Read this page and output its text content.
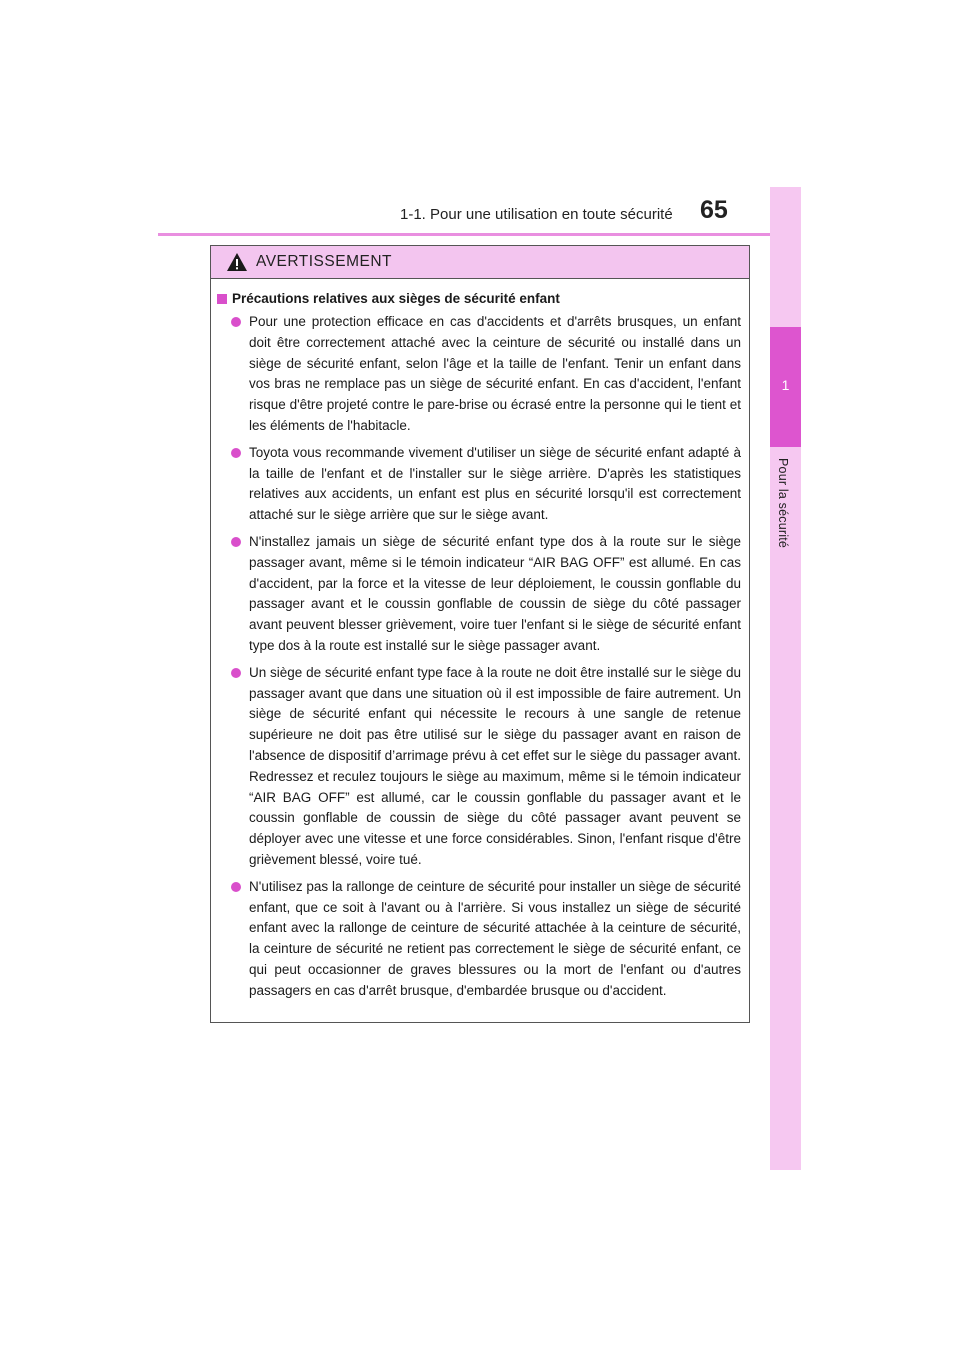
1-1. Pour une utilisation en toute sécurité 65
1
Pour la sécurité
AVERTISSEMENT
Précautions relatives aux sièges de sécurité enfant
Pour une protection efficace en cas d'accidents et d'arrêts brusques, un enfant doit être correctement attaché avec la ceinture de sécurité ou installé dans un siège de sécurité enfant, selon l'âge et la taille de l'enfant. Tenir un enfant dans vos bras ne remplace pas un siège de sécurité enfant. En cas d'accident, l'enfant risque d'être projeté contre le pare-brise ou écrasé entre la personne qui le tient et les éléments de l'habitacle.
Toyota vous recommande vivement d'utiliser un siège de sécurité enfant adapté à la taille de l'enfant et de l'installer sur le siège arrière. D'après les statistiques relatives aux accidents, un enfant est plus en sécurité lorsqu'il est correctement attaché sur le siège arrière que sur le siège avant.
N'installez jamais un siège de sécurité enfant type dos à la route sur le siège passager avant, même si le témoin indicateur “AIR BAG OFF” est allumé. En cas d'accident, par la force et la vitesse de leur déploiement, le coussin gonflable du passager avant et le coussin gonflable de coussin de siège du côté passager avant peuvent blesser grièvement, voire tuer l'enfant si le siège de sécurité enfant type dos à la route est installé sur le siège passager avant.
Un siège de sécurité enfant type face à la route ne doit être installé sur le siège du passager avant que dans une situation où il est impossible de faire autrement. Un siège de sécurité enfant qui nécessite le recours à une sangle de retenue supérieure ne doit pas être utilisé sur le siège du passager avant en raison de l'absence de dispositif d’arrimage prévu à cet effet sur le siège du passager avant. Redressez et reculez toujours le siège au maximum, même si le témoin indicateur “AIR BAG OFF” est allumé, car le coussin gonflable du passager avant et le coussin gonflable de coussin de siège du côté passager avant peuvent se déployer avec une vitesse et une force considérables. Sinon, l'enfant risque d'être grièvement blessé, voire tué.
N'utilisez pas la rallonge de ceinture de sécurité pour installer un siège de sécurité enfant, que ce soit à l'avant ou à l'arrière. Si vous installez un siège de sécurité enfant avec la rallonge de ceinture de sécurité attachée à la ceinture de sécurité, la ceinture de sécurité ne retient pas correctement le siège de sécurité enfant, ce qui peut occasionner de graves blessures ou la mort de l'enfant ou d'autres passagers en cas d'arrêt brusque, d'embardée brusque ou d'accident.
